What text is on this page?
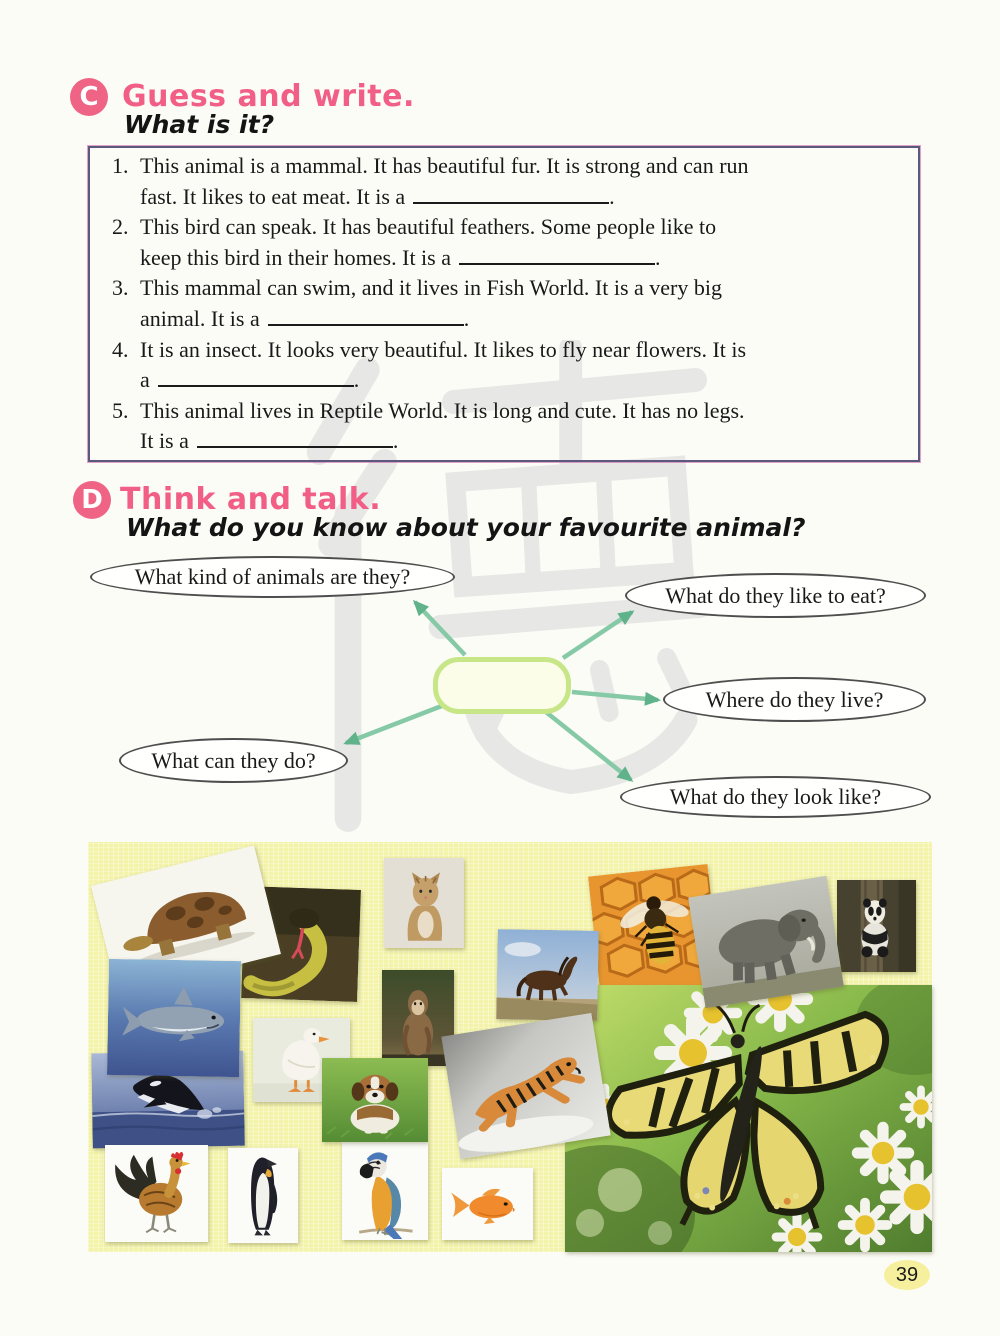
C Guess and write.
What is it?
1. This animal is a mammal. It has beautiful fur. It is strong and can run
fast. It likes to eat meat. It is a	.
2. This bird can speak. It has beautiful feathers. Some people like to
keep this bird in their homes. It is a	.
3. This mammal can swim, and it lives in Fish World. It is a very big
animal. It is a	.
4. It is an insect. It looks very beautiful. It likes to fly near flowers. It is
a	.
5. This animal lives in Reptile World. It is long and cute. It has no legs.
It is a	.
D Think and talk.
What do you know about your favourite animal?
What kind of animals are they?
What do they like to eat?
Where do they live?
What can they do?
What do they look like?
39
